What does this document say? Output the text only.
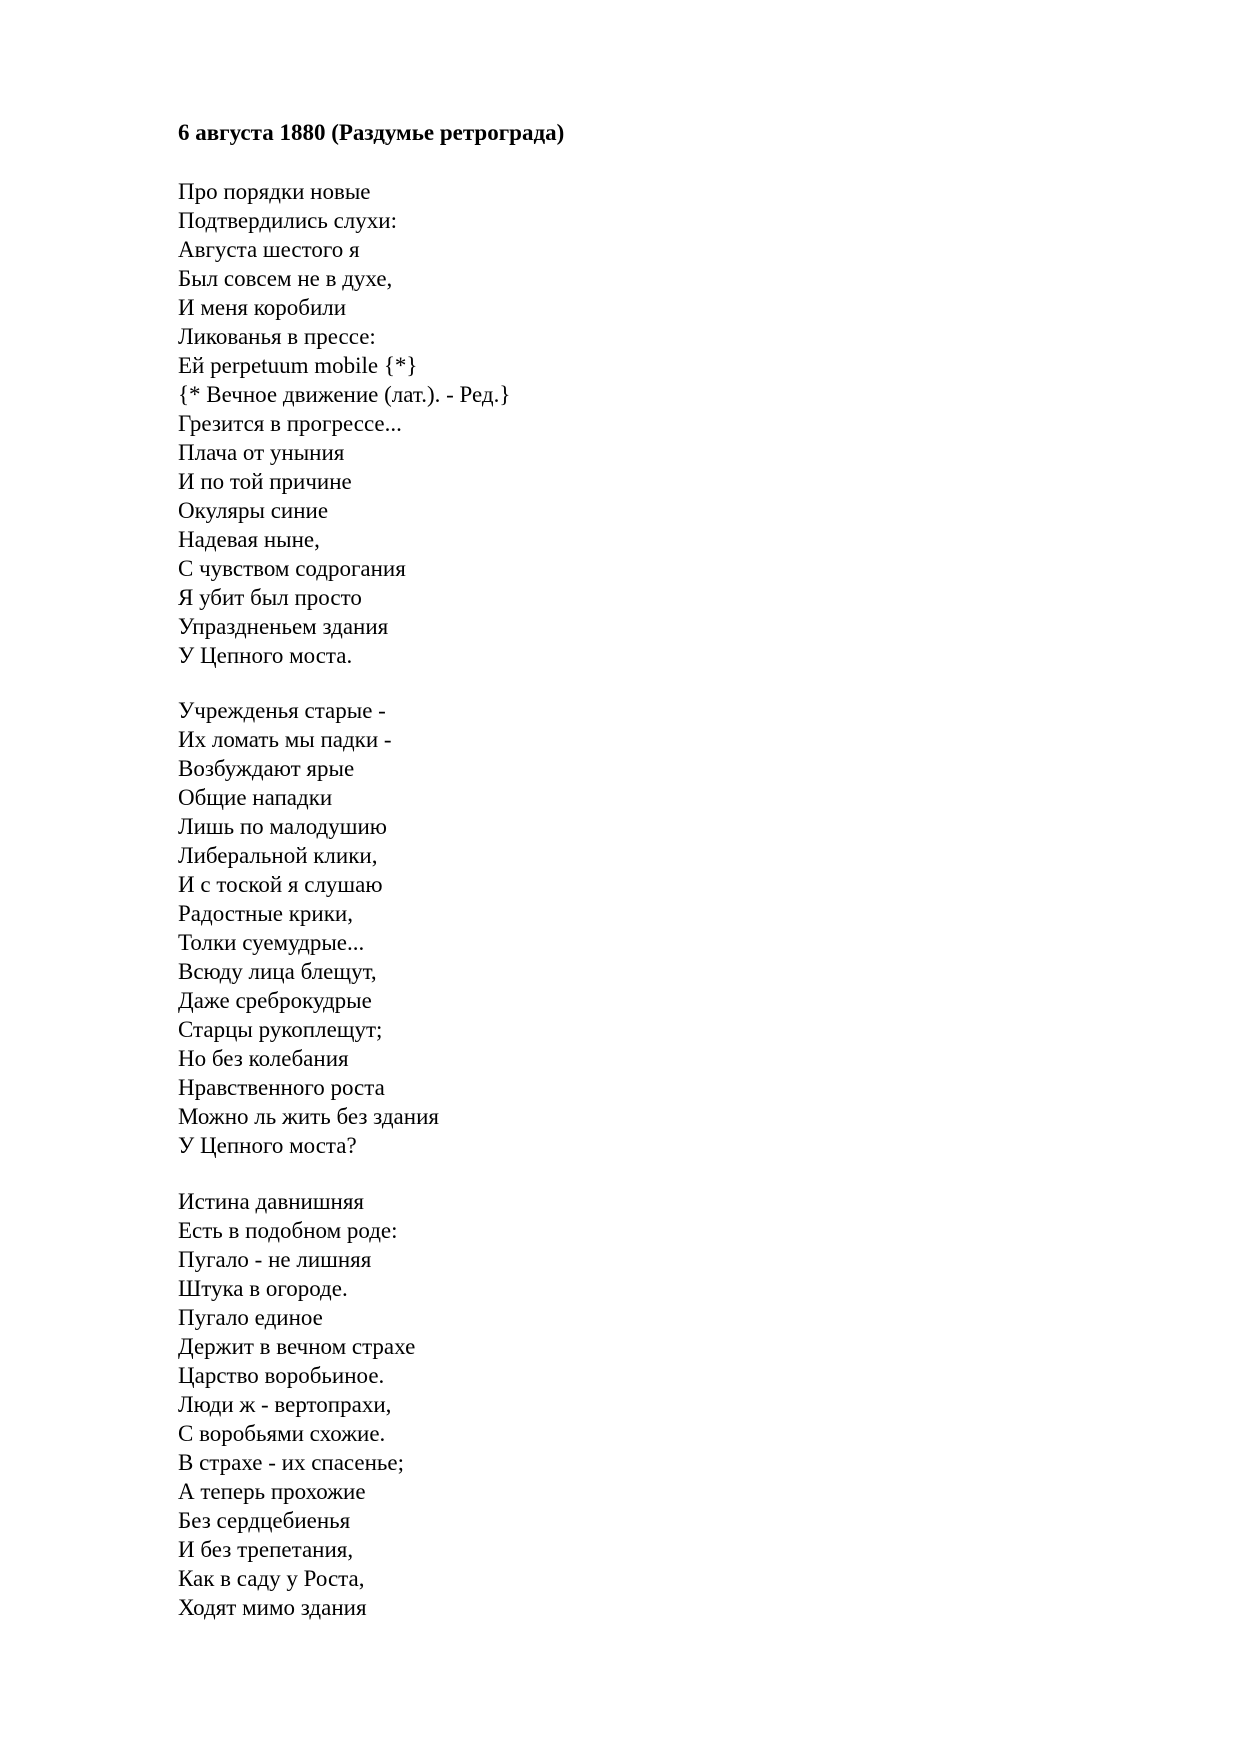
6 августа 1880 (Раздумье ретрограда)
Про порядки новые
Подтвердились слухи:
Августа шестого я
Был совсем не в духе,
И меня коробили
Ликованья в прессе:
Ей perpetuum mobile {*}
{* Вечное движение (лат.). - Ред.}
Грезится в прогрессе...
Плача от уныния
И по той причине
Окуляры синие
Надевая ныне,
С чувством содрогания
Я убит был просто
Упраздненьем здания
У Цепного моста.
Учрежденья старые -
Их ломать мы падки -
Возбуждают ярые
Общие нападки
Лишь по малодушию
Либеральной клики,
И с тоской я слушаю
Радостные крики,
Толки суемудрые...
Всюду лица блещут,
Даже среброкудрые
Старцы рукоплещут;
Но без колебания
Нравственного роста
Можно ль жить без здания
У Цепного моста?
Истина давнишняя
Есть в подобном роде:
Пугало - не лишняя
Штука в огороде.
Пугало единое
Держит в вечном страхе
Царство воробьиное.
Люди ж - вертопрахи,
С воробьями схожие.
В страхе - их спасенье;
А теперь прохожие
Без сердцебиенья
И без трепетания,
Как в саду у Роста,
Ходят мимо здания
